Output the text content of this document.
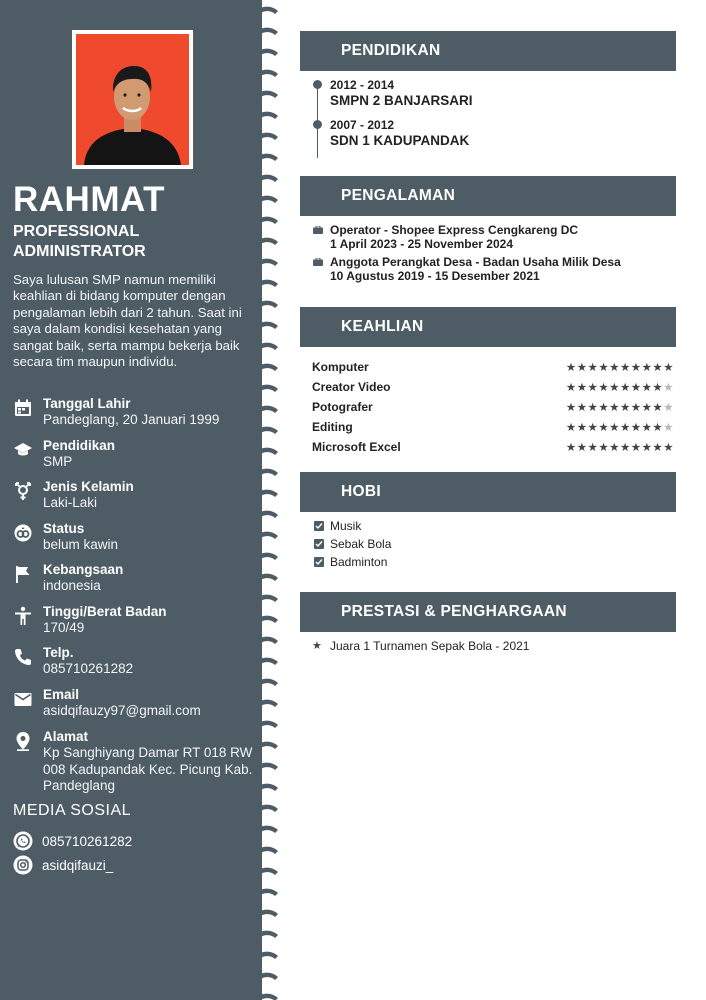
RAHMAT
PROFESSIONAL ADMINISTRATOR
Saya lulusan SMP namun memiliki keahlian di bidang komputer dengan pengalaman lebih dari 2 tahun. Saat ini saya dalam kondisi kesehatan yang sangat baik, serta mampu bekerja baik secara tim maupun individu.
Tanggal Lahir
Pandeglang, 20 Januari 1999
Pendidikan
SMP
Jenis Kelamin
Laki-Laki
Status
belum kawin
Kebangsaan
indonesia
Tinggi/Berat Badan
170/49
Telp.
085710261282
Email
asidqifauzy97@gmail.com
Alamat
Kp Sanghiyang Damar RT 018 RW 008 Kadupandak Kec. Picung Kab. Pandeglang
MEDIA SOSIAL
085710261282
asidqifauzi_
PENDIDIKAN
2012 - 2014
SMPN 2 BANJARSARI
2007 - 2012
SDN 1 KADUPANDAK
PENGALAMAN
Operator - Shopee Express Cengkareng DC
1 April 2023 - 25 November 2024
Anggota Perangkat Desa - Badan Usaha Milik Desa
10 Agustus 2019 - 15 Desember 2021
KEAHLIAN
Komputer	★★★★★★★★★★
Creator Video	★★★★★★★★★★
Potografer	★★★★★★★★★★
Editing	★★★★★★★★★★
Microsoft Excel	★★★★★★★★★★
HOBI
Musik
Sebak Bola
Badminton
PRESTASI & PENGHARGAAN
★ Juara 1 Turnamen Sepak Bola - 2021
